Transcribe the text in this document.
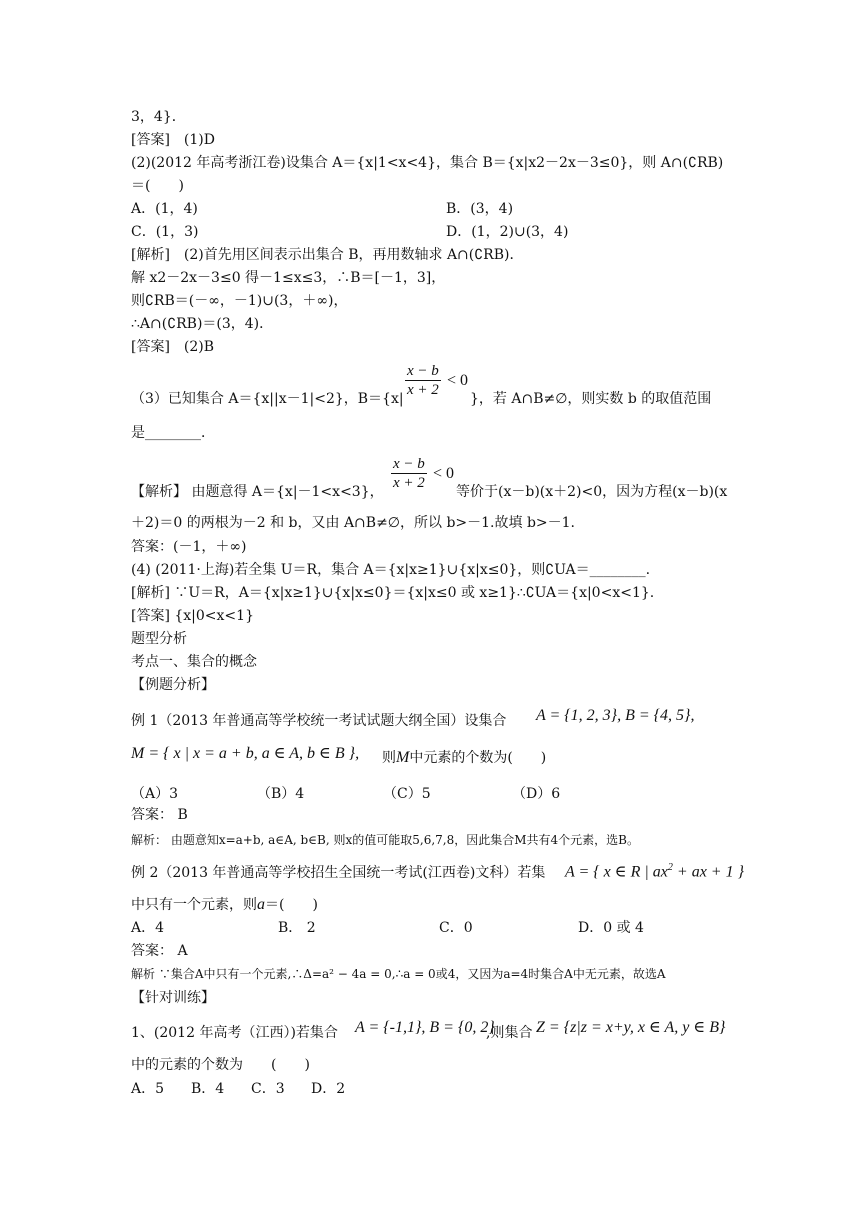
3，4}．
[答案]　(1)D
(2)(2012 年高考浙江卷)设集合 A＝{x|1<x<4}，集合 B＝{x|x2－2x－3≤0}，则 A∩(∁RB)
＝(　　)
A．(1，4)	B．(3，4)
C．(1，3)	D．(1，2)∪(3，4)
[解析]　(2)首先用区间表示出集合 B，再用数轴求 A∩(∁RB)．
解 x2－2x－3≤0 得－1≤x≤3，∴B＝[－1，3]，
则∁RB＝(－∞，－1)∪(3，＋∞)，
∴A∩(∁RB)＝(3，4)．
[答案]　(2)B
$\frac{x - b}{x + 2} < 0$
（3）已知集合 A＝{x||x－1|<2}，B＝{x|	}，若 A∩B≠∅，则实数 b 的取值范围
是________．
$\frac{x - b}{x + 2} < 0$
【解析】 由题意得 A＝{x|－1<x<3}，	等价于(x－b)(x＋2)<0，因为方程(x－b)(x
＋2)＝0 的两根为－2 和 b，又由 A∩B≠∅，所以 b>－1.故填 b>－1.
答案：(－1，＋∞)
(4) (2011·上海)若全集 U＝R，集合 A＝{x|x≥1}∪{x|x≤0}，则∁UA＝________.
[解析] ∵U＝R，A＝{x|x≥1}∪{x|x≤0}＝{x|x≤0 或 x≥1}∴∁UA＝{x|0<x<1}.
[答案] {x|0<x<1}
题型分析
考点一、集合的概念
【例题分析】
例 1（2013 年普通高等学校统一考试试题大纲全国）设集合 A = {1, 2, 3}, B = {4, 5},
M = { x | x = a + b, a ∈ A, b ∈ B }, 则M中元素的个数为(　　)
（A）3	（B）4	（C）5	（D）6
答案： B
解析： 由题意知x=a+b, a∈A, b∈B, 则x的值可能取5,6,7,8，因此集合M共有4个元素，选B。
例 2（2013 年普通高等学校招生全国统一考试(江西卷)文科）若集 A = { x ∈ R | $ax^2$ + ax + 1 }
中只有一个元素，则a＝(　　)
A．4	B． 2	C．0	D．0 或 4
答案： A
解析 ∵集合A中只有一个元素,∴Δ=a² − 4a = 0,∴a = 0或4，又因为a=4时集合A中无元素，故选A
【针对训练】
1、(2012 年高考（江西）)若集合 A = {-1,1}, B = {0, 2}
,则集合 Z = {z|z = x+y, x ∈ A, y ∈ B}
中的元素的个数为　　(　　)
A．5 B．4 C．3 D．2
